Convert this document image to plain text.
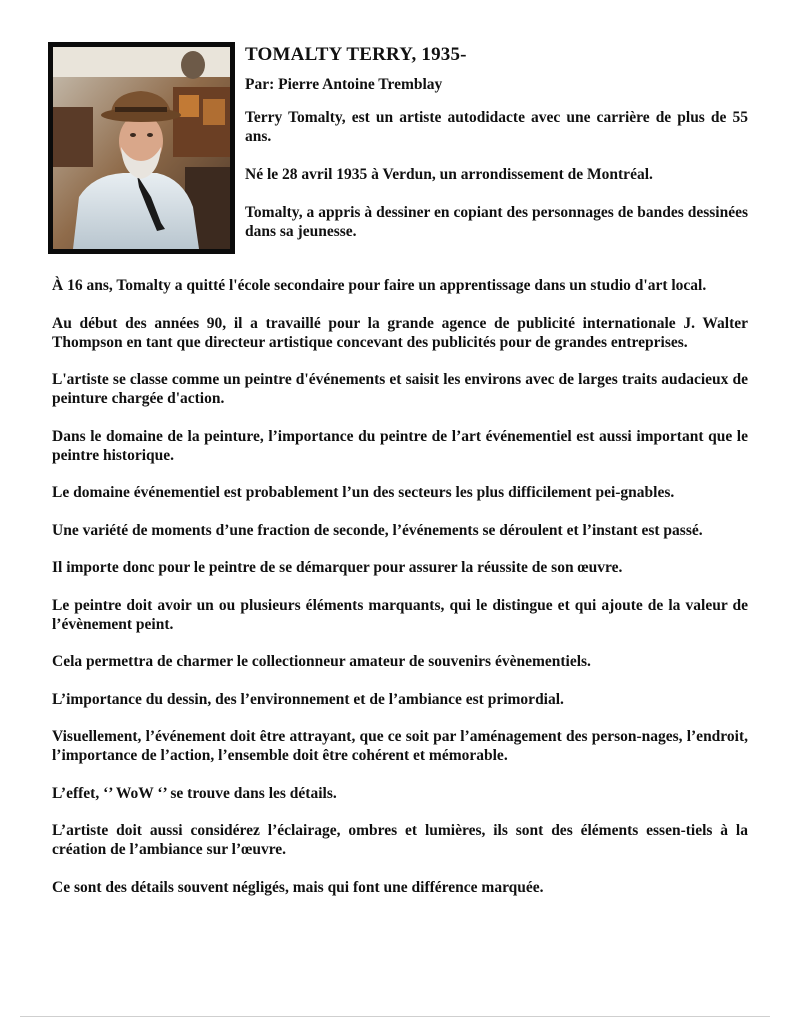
TOMALTY TERRY, 1935-
Par: Pierre Antoine Tremblay

Terry Tomalty, est un artiste autodidacte avec une carrière de plus de 55 ans.

Né le 28 avril 1935 à Verdun, un arrondissement de Montréal.

Tomalty, a appris à dessiner en copiant des personnages de bandes dessinées dans sa jeunesse.

À 16 ans, Tomalty a quitté l'école secondaire pour faire un apprentissage dans un studio d'art local.

Au début des années 90, il a travaillé pour la grande agence de publicité internationale J. Walter Thompson en tant que directeur artistique concevant des publicités pour de grandes entreprises.

L'artiste se classe comme un peintre d'événements et saisit les environs avec de larges traits audacieux de peinture chargée d'action.

Dans le domaine de la peinture, l’importance du peintre de l’art événementiel est aussi important que le peintre historique.

Le domaine événementiel est probablement l’un des secteurs les plus difficilement pei-gnables.

Une variété de moments d’une fraction de seconde, l’événements se déroulent et l’instant est passé.

Il importe donc pour le peintre de se démarquer pour assurer la réussite de son œuvre.

Le peintre doit avoir un ou plusieurs éléments marquants, qui le distingue et qui ajoute de la valeur de l’évènement peint.

Cela permettra de charmer le collectionneur amateur de souvenirs évènementiels.

L’importance du dessin, des l’environnement et de l’ambiance est primordial.

Visuellement, l’événement doit être attrayant, que ce soit par l’aménagement des person-nages, l’endroit, l’importance de l’action, l’ensemble doit être cohérent et mémorable.

L’effet, ‘’ WoW ‘’ se trouve dans les détails.

L’artiste doit aussi considérez l’éclairage, ombres et lumières, ils sont des éléments essen-tiels à la création de l’ambiance sur l’œuvre.

Ce sont des détails souvent négligés, mais qui font une différence marquée.
